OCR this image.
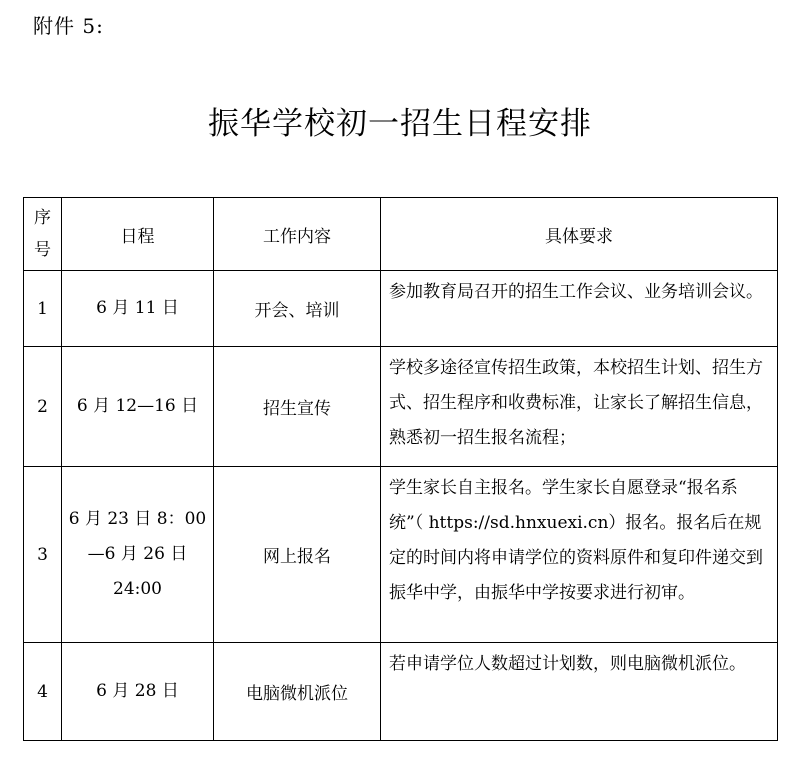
附件 5:
振华学校初一招生日程安排
序
号	日程	工作内容	具体要求
1	6 月 11 日	开会、培训	参加教育局召开的招生工作会议、业务培训会议。
2	6 月 12—16 日	招生宣传	学校多途径宣传招生政策，本校招生计划、招生方式、招生程序和收费标准，让家长了解招生信息，熟悉初一招生报名流程；
3	6 月 23 日 8：00
—6 月 26 日
24:00	网上报名	学生家长自主报名。学生家长自愿登录“报名系统”（ https://sd.hnxuexi.cn）报名。报名后在规定的时间内将申请学位的资料原件和复印件递交到振华中学，由振华中学按要求进行初审。
4	6 月 28 日	电脑微机派位	若申请学位人数超过计划数，则电脑微机派位。
